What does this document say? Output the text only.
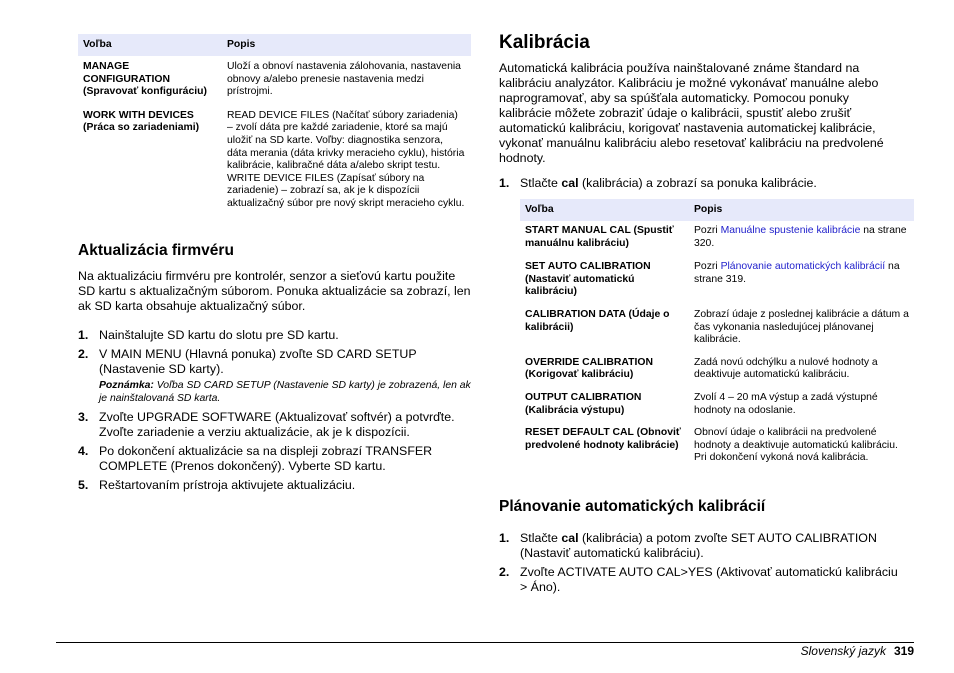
Voľba	Popis
MANAGE CONFIGURATION (Spravovať konfiguráciu)	Uloží a obnoví nastavenia zálohovania, nastavenia obnovy a/alebo prenesie nastavenia medzi prístrojmi.
WORK WITH DEVICES (Práca so zariadeniami)	READ DEVICE FILES (Načítať súbory zariadenia) – zvolí dáta pre každé zariadenie, ktoré sa majú uložiť na SD karte. Voľby: diagnostika senzora, dáta merania (dáta krivky meracieho cyklu), história kalibrácie, kalibračné dáta a/alebo skript testu. WRITE DEVICE FILES (Zapísať súbory na zariadenie) – zobrazí sa, ak je k dispozícii aktualizačný súbor pre nový skript meracieho cyklu.
Aktualizácia firmvéru

Na aktualizáciu firmvéru pre kontrolér, senzor a sieťovú kartu použite SD kartu s aktualizačným súborom. Ponuka aktualizácie sa zobrazí, len ak SD karta obsahuje aktualizačný súbor.

1. Nainštalujte SD kartu do slotu pre SD kartu.
2. V MAIN MENU (Hlavná ponuka) zvoľte SD CARD SETUP (Nastavenie SD karty).
Poznámka: Voľba SD CARD SETUP (Nastavenie SD karty) je zobrazená, len ak je nainštalovaná SD karta.
3. Zvoľte UPGRADE SOFTWARE (Aktualizovať softvér) a potvrďte. Zvoľte zariadenie a verziu aktualizácie, ak je k dispozícii.
4. Po dokončení aktualizácie sa na displeji zobrazí TRANSFER COMPLETE (Prenos dokončený). Vyberte SD kartu.
5. Reštartovaním prístroja aktivujete aktualizáciu.
Kalibrácia

Automatická kalibrácia používa nainštalované známe štandard na kalibráciu analyzátor. Kalibráciu je možné vykonávať manuálne alebo naprogramovať, aby sa spúšťala automaticky. Pomocou ponuky kalibrácie môžete zobraziť údaje o kalibrácii, spustiť alebo zrušiť automatickú kalibráciu, korigovať nastavenia automatickej kalibrácie, vykonať manuálnu kalibráciu alebo resetovať kalibráciu na predvolené hodnoty.

1. Stlačte cal (kalibrácia) a zobrazí sa ponuka kalibrácie.
Voľba	Popis
START MANUAL CAL (Spustiť manuálnu kalibráciu)	Pozri Manuálne spustenie kalibrácie na strane 320.
SET AUTO CALIBRATION (Nastaviť automatickú kalibráciu)	Pozri Plánovanie automatických kalibrácií na strane 319.
CALIBRATION DATA (Údaje o kalibrácii)	Zobrazí údaje z poslednej kalibrácie a dátum a čas vykonania nasledujúcej plánovanej kalibrácie.
OVERRIDE CALIBRATION (Korigovať kalibráciu)	Zadá novú odchýlku a nulové hodnoty a deaktivuje automatickú kalibráciu.
OUTPUT CALIBRATION (Kalibrácia výstupu)	Zvolí 4 – 20 mA výstup a zadá výstupné hodnoty na odoslanie.
RESET DEFAULT CAL (Obnoviť predvolené hodnoty kalibrácie)	Obnoví údaje o kalibrácii na predvolené hodnoty a deaktivuje automatickú kalibráciu. Pri dokončení vykoná nová kalibrácia.
Plánovanie automatických kalibrácií
1. Stlačte cal (kalibrácia) a potom zvoľte SET AUTO CALIBRATION (Nastaviť automatickú kalibráciu).
2. Zvoľte ACTIVATE AUTO CAL>YES (Aktivovať automatickú kalibráciu > Áno).
Slovenský jazyk 319
